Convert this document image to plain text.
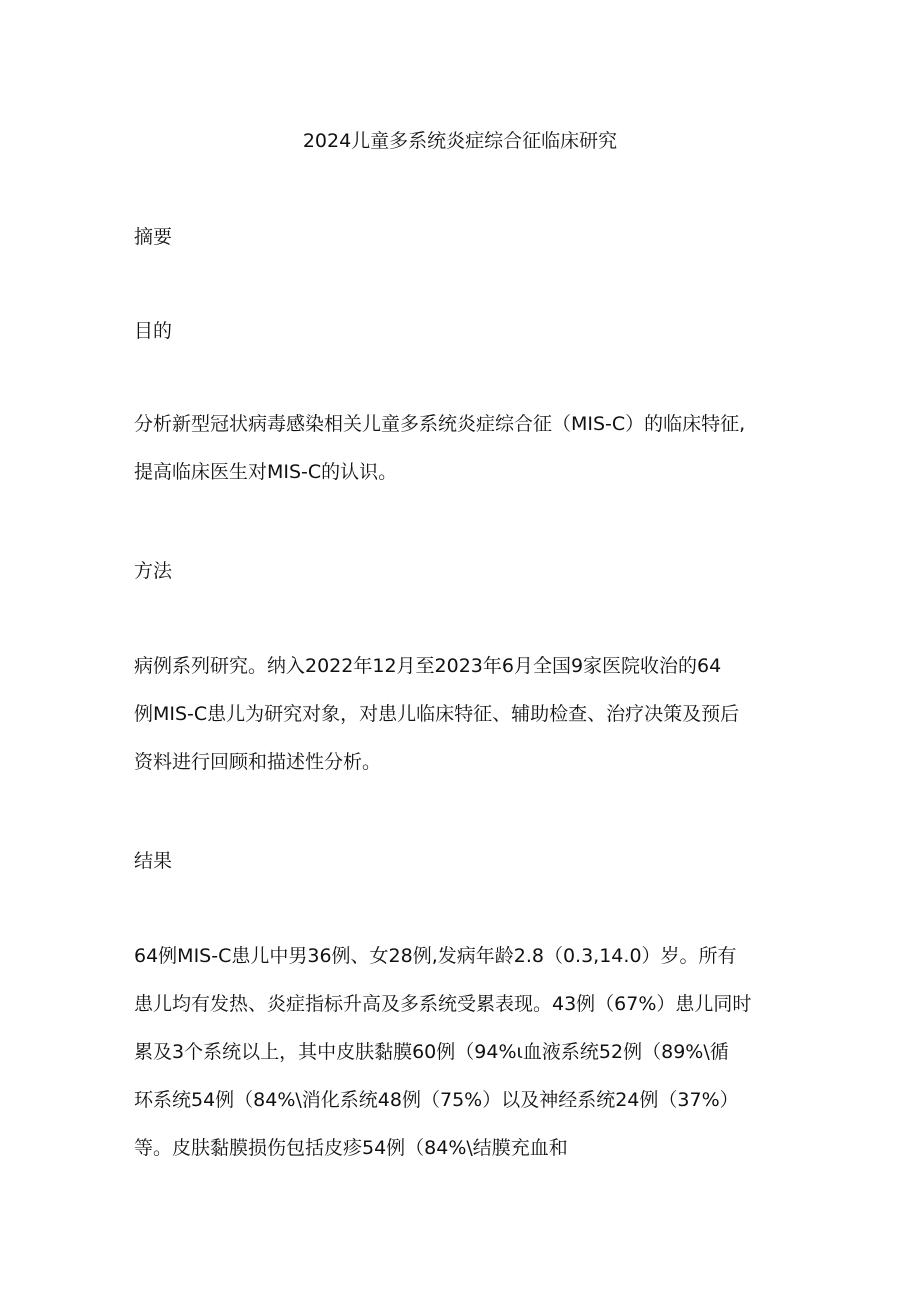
2024儿童多系统炎症综合征临床研究
摘要
目的
分析新型冠状病毒感染相关儿童多系统炎症综合征（MIS-C）的临床特征,
提高临床医生对MIS-C的认识。
方法
病例系列研究。纳入2022年12月至2023年6月全国9家医院收治的64
例MIS-C患儿为研究对象，对患儿临床特征、辅助检查、治疗决策及预后
资料进行回顾和描述性分析。
结果
64例MIS-C患儿中男36例、女28例,发病年龄2.8（0.3,14.0）岁。所有
患儿均有发热、炎症指标升高及多系统受累表现。43例（67%）患儿同时
累及3个系统以上，其中皮肤黏膜60例（94%ι血液系统52例（89%\循
环系统54例（84%\消化系统48例（75%）以及神经系统24例（37%）
等。皮肤黏膜损伤包括皮疹54例（84%\结膜充血和
